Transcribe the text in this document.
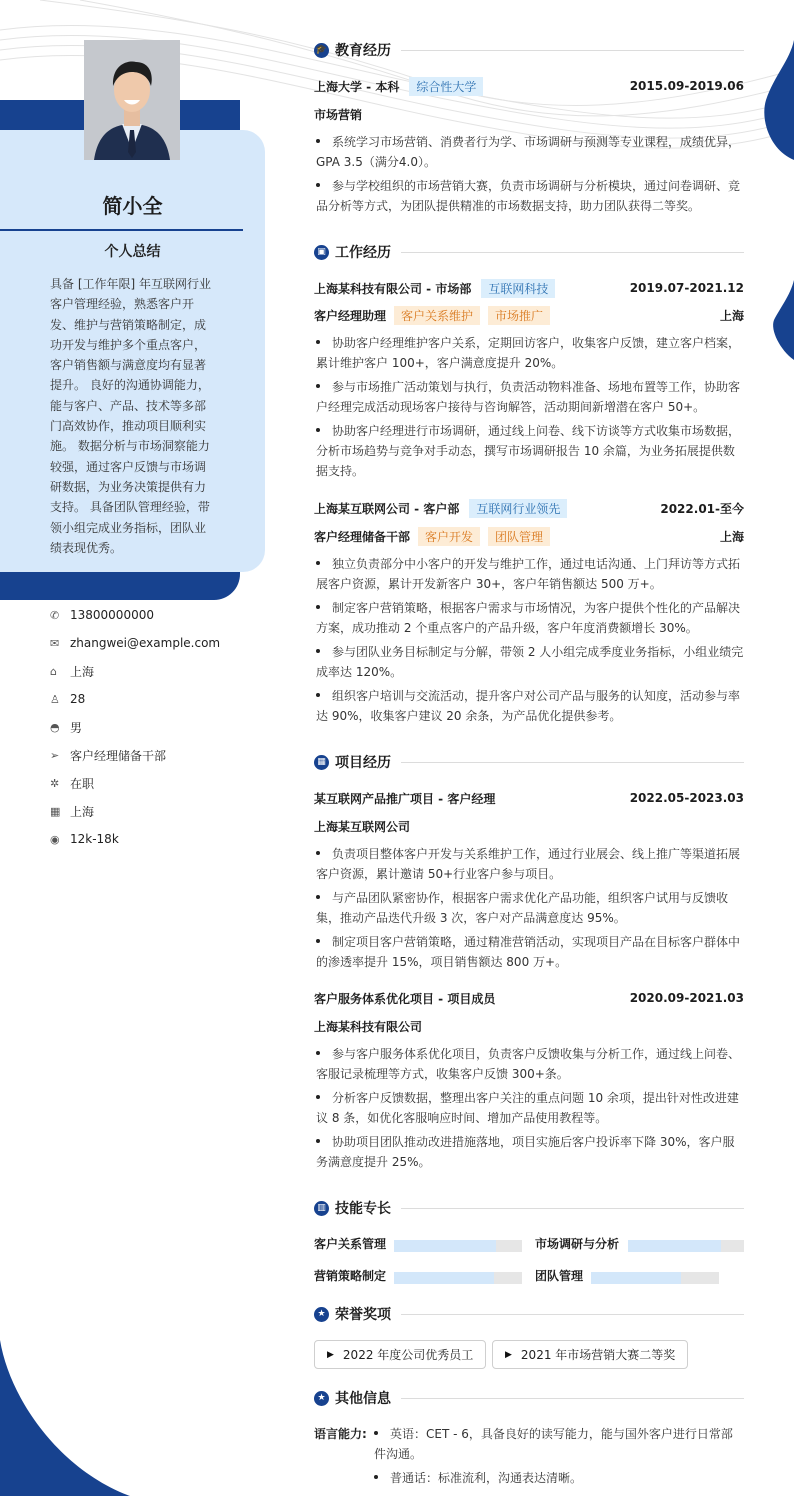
简小全
个人总结
具备 [工作年限] 年互联网行业客户管理经验，熟悉客户开发、维护与营销策略制定，成功开发与维护多个重点客户，客户销售额与满意度均有显著提升。 良好的沟通协调能力，能与客户、产品、技术等多部门高效协作，推动项目顺利实施。 数据分析与市场洞察能力较强，通过客户反馈与市场调研数据，为业务决策提供有力支持。 具备团队管理经验，带领小组完成业务指标，团队业绩表现优秀。
✆ 13800000000
✉ zhangwei@example.com
⌂	上海
♙ 28
◓ 男
➢ 客户经理储备干部
✲ 在职
▦ 上海
◉ 12k-18k
🎓 教育经历
上海大学 - 本科	综合性大学	2015.09-2019.06
市场营销
系统学习市场营销、消费者行为学、市场调研与预测等专业课程，成绩优异，GPA 3.5（满分4.0）。
参与学校组织的市场营销大赛，负责市场调研与分析模块，通过问卷调研、竞品分析等方式，为团队提供精准的市场数据支持，助力团队获得二等奖。
▣ 工作经历
上海某科技有限公司 - 市场部	互联网科技	2019.07-2021.12
客户经理助理	客户关系维护	市场推广	上海
协助客户经理维护客户关系，定期回访客户，收集客户反馈，建立客户档案，累计维护客户 100+，客户满意度提升 20%。
参与市场推广活动策划与执行，负责活动物料准备、场地布置等工作，协助客户经理完成活动现场客户接待与咨询解答，活动期间新增潜在客户 50+。
协助客户经理进行市场调研，通过线上问卷、线下访谈等方式收集市场数据，分析市场趋势与竞争对手动态，撰写市场调研报告 10 余篇，为业务拓展提供数据支持。
上海某互联网公司 - 客户部	互联网行业领先	2022.01-至今
客户经理储备干部	客户开发	团队管理	上海
独立负责部分中小客户的开发与维护工作，通过电话沟通、上门拜访等方式拓展客户资源，累计开发新客户 30+，客户年销售额达 500 万+。
制定客户营销策略，根据客户需求与市场情况，为客户提供个性化的产品解决方案，成功推动 2 个重点客户的产品升级，客户年度消费额增长 30%。
参与团队业务目标制定与分解，带领 2 人小组完成季度业务指标，小组业绩完成率达 120%。
组织客户培训与交流活动，提升客户对公司产品与服务的认知度，活动参与率达 90%，收集客户建议 20 余条，为产品优化提供参考。
▦ 项目经历
某互联网产品推广项目 - 客户经理	2022.05-2023.03
上海某互联网公司
负责项目整体客户开发与关系维护工作，通过行业展会、线上推广等渠道拓展客户资源，累计邀请 50+行业客户参与项目。
与产品团队紧密协作，根据客户需求优化产品功能，组织客户试用与反馈收集，推动产品迭代升级 3 次，客户对产品满意度达 95%。
制定项目客户营销策略，通过精准营销活动，实现项目产品在目标客户群体中的渗透率提升 15%，项目销售额达 800 万+。
客户服务体系优化项目 - 项目成员	2020.09-2021.03
上海某科技有限公司
参与客户服务体系优化项目，负责客户反馈收集与分析工作，通过线上问卷、客服记录梳理等方式，收集客户反馈 300+条。
分析客户反馈数据，整理出客户关注的重点问题 10 余项，提出针对性改进建议 8 条，如优化客服响应时间、增加产品使用教程等。
协助项目团队推动改进措施落地，项目实施后客户投诉率下降 30%，客户服务满意度提升 25%。
▥ 技能专长
客户关系管理	市场调研与分析
营销策略制定	团队管理
★ 荣誉奖项
▶ 2022 年度公司优秀员工	▶ 2021 年市场营销大赛二等奖
★ 其他信息
语言能力:	英语：CET - 6，具备良好的读写能力，能与国外客户进行日常部件沟通。
普通话：标准流利，沟通表达清晰。
